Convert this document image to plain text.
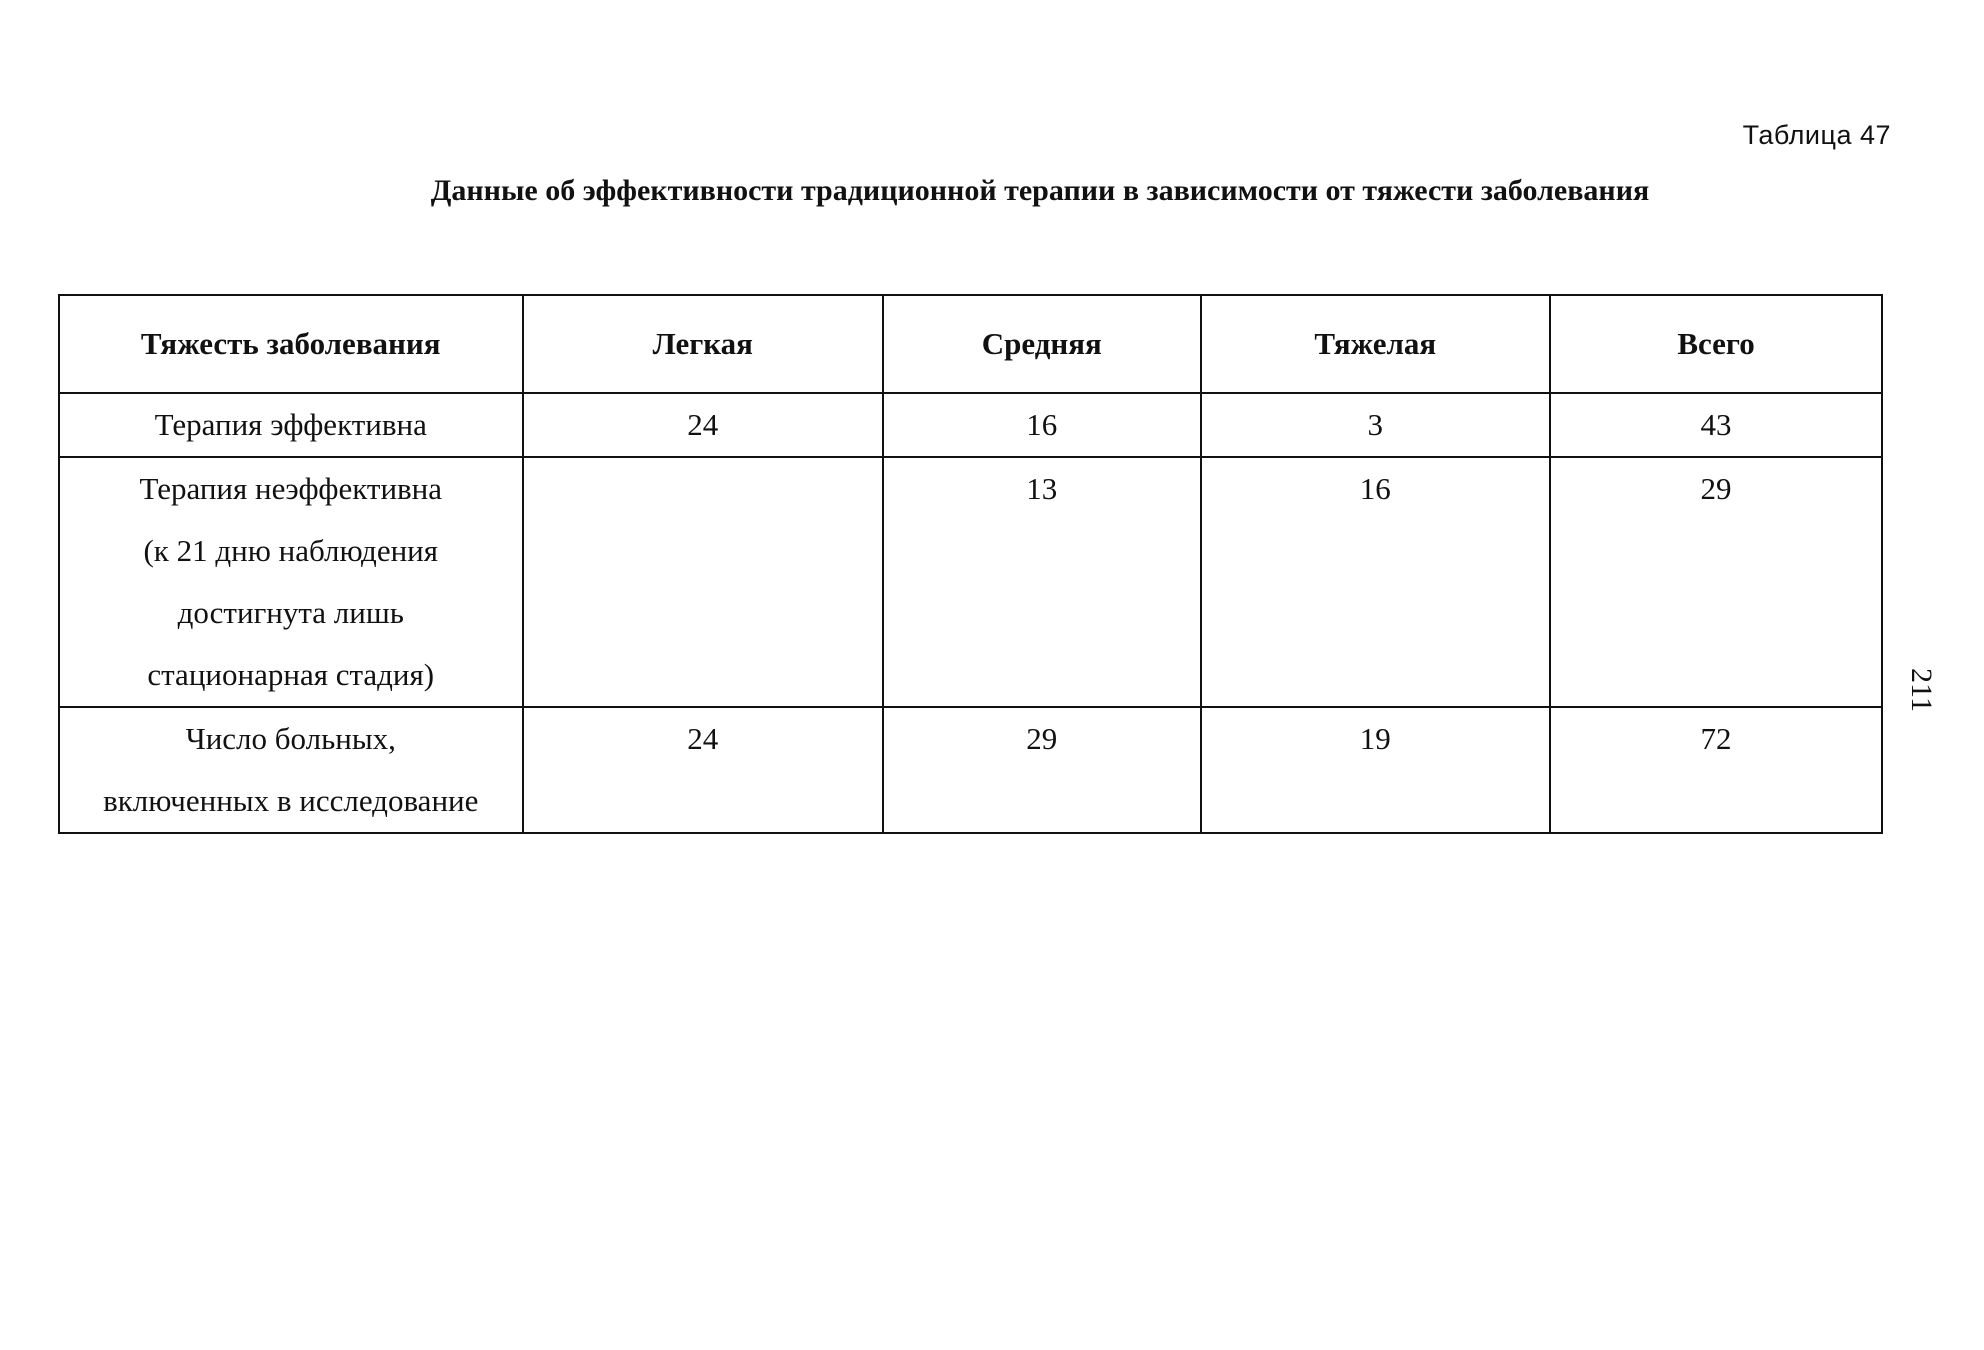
Таблица 47
Данные об эффективности традиционной терапии в зависимости от тяжести заболевания
Тяжесть заболевания	Легкая	Средняя	Тяжелая	Всего

Терапия эффективна	24	16	3	43

Терапия неэффективна
(к 21 дню наблюдения
достигнута лишь
стационарная стадия)		13	16	29

Число больных,
включенных в исследование	24	29	19	72
211
